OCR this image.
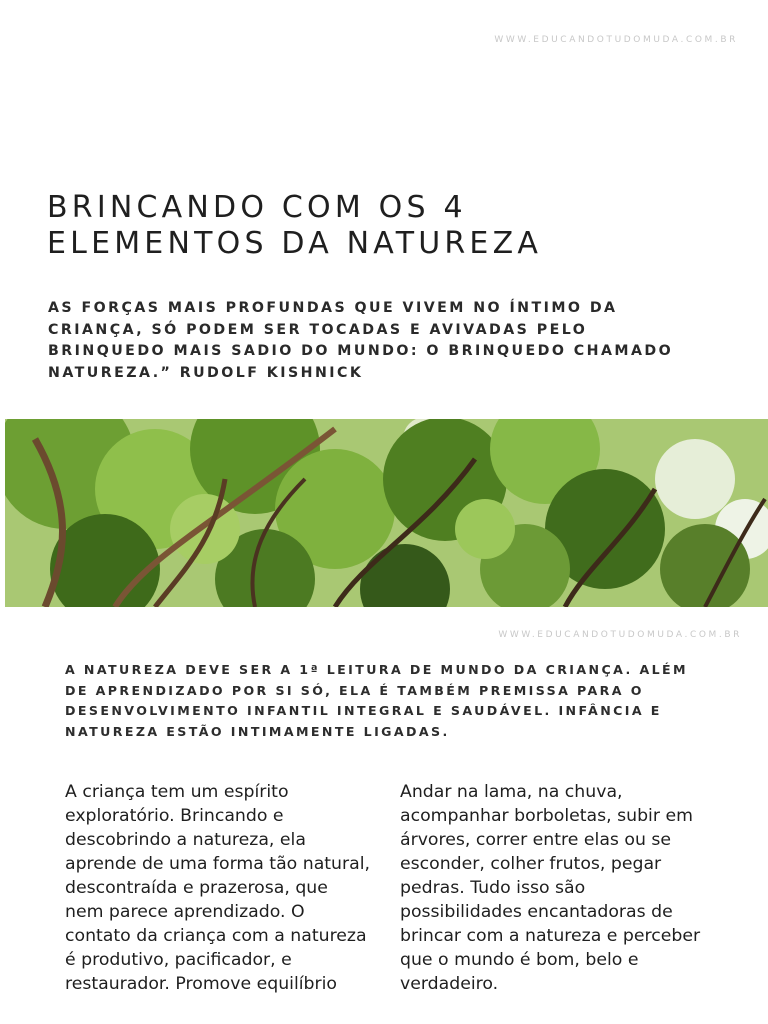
WWW.EDUCANDOTUDOMUDA.COM.BR
BRINCANDO COM OS 4
ELEMENTOS DA NATUREZA
AS FORÇAS MAIS PROFUNDAS QUE VIVEM NO ÍNTIMO DA
CRIANÇA, SÓ PODEM SER TOCADAS E AVIVADAS PELO
BRINQUEDO MAIS SADIO DO MUNDO: O BRINQUEDO CHAMADO
NATUREZA.” RUDOLF KISHNICK
WWW.EDUCANDOTUDOMUDA.COM.BR
A NATUREZA DEVE SER A 1ª LEITURA DE MUNDO DA CRIANÇA. ALÉM
DE APRENDIZADO POR SI SÓ, ELA É TAMBÉM PREMISSA PARA O
DESENVOLVIMENTO INFANTIL INTEGRAL E SAUDÁVEL. INFÂNCIA E
NATUREZA ESTÃO INTIMAMENTE LIGADAS.

A criança tem um espírito exploratório. Brincando e descobrindo a natureza, ela aprende de uma forma tão natural, descontraída e prazerosa, que nem parece aprendizado. O contato da criança com a natureza é produtivo, pacificador, e restaurador. Promove equilíbrio

Andar na lama, na chuva, acompanhar borboletas, subir em árvores, correr entre elas ou se esconder, colher frutos, pegar pedras. Tudo isso são possibilidades encantadoras de brincar com a natureza e perceber que o mundo é bom, belo e verdadeiro.
